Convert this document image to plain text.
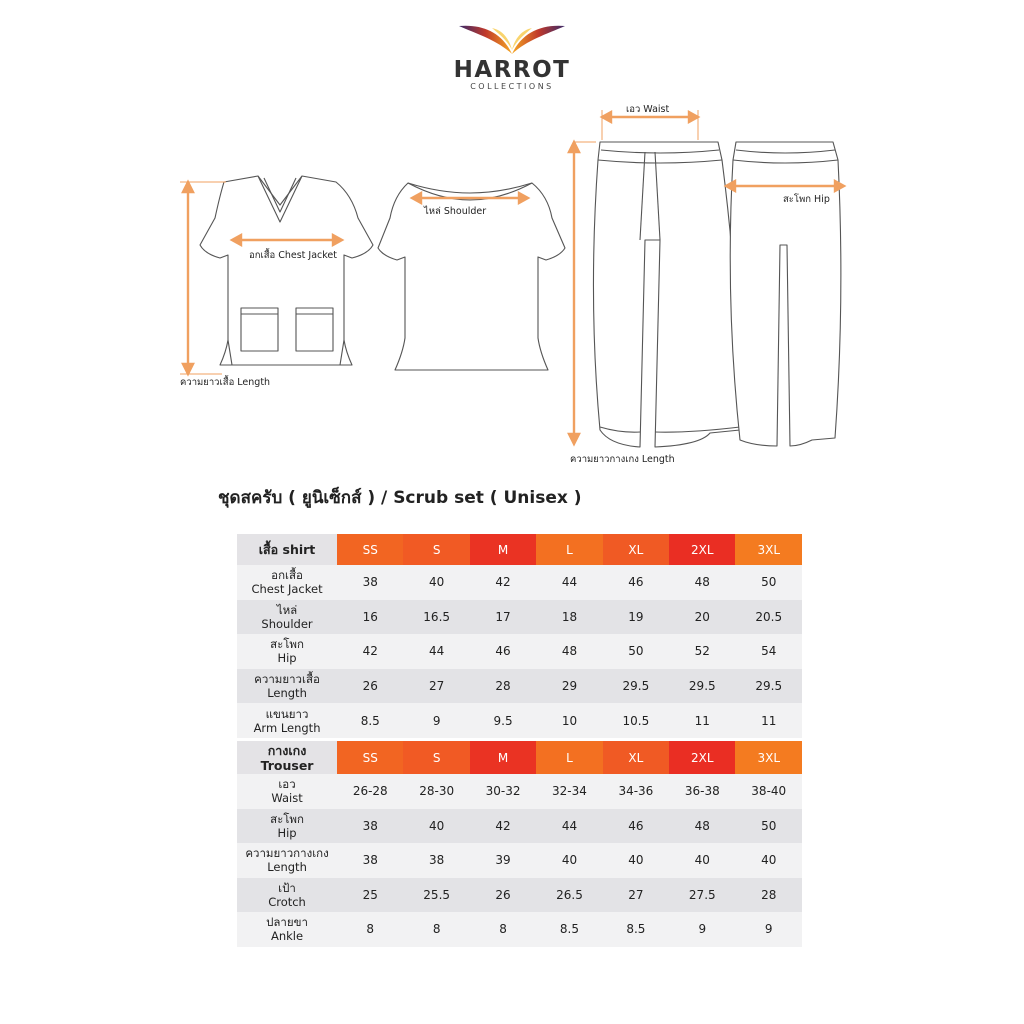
HARROT
COLLECTIONS
อกเสื้อ Chest Jacket
ความยาวเสื้อ Length
ไหล่ Shoulder
เอว Waist
สะโพก Hip
ความยาวกางเกง Length
ชุดสครับ ( ยูนิเซ็กส์ ) / Scrub set ( Unisex )
เสื้อ shirt	SS	S	M	L	XL	2XL	3XL
อกเสื้อ
Chest Jacket	38	40	42	44	46	48	50
ไหล่
Shoulder	16	16.5	17	18	19	20	20.5
สะโพก
Hip	42	44	46	48	50	52	54
ความยาวเสื้อ
Length	26	27	28	29	29.5	29.5	29.5
แขนยาว
Arm Length	8.5	9	9.5	10	10.5	11	11
กางเกง
Trouser	SS	S	M	L	XL	2XL	3XL
เอว
Waist	26-28	28-30	30-32	32-34	34-36	36-38	38-40
สะโพก
Hip	38	40	42	44	46	48	50
ความยาวกางเกง
Length	38	38	39	40	40	40	40
เป้า
Crotch	25	25.5	26	26.5	27	27.5	28
ปลายขา
Ankle	8	8	8	8.5	8.5	9	9
